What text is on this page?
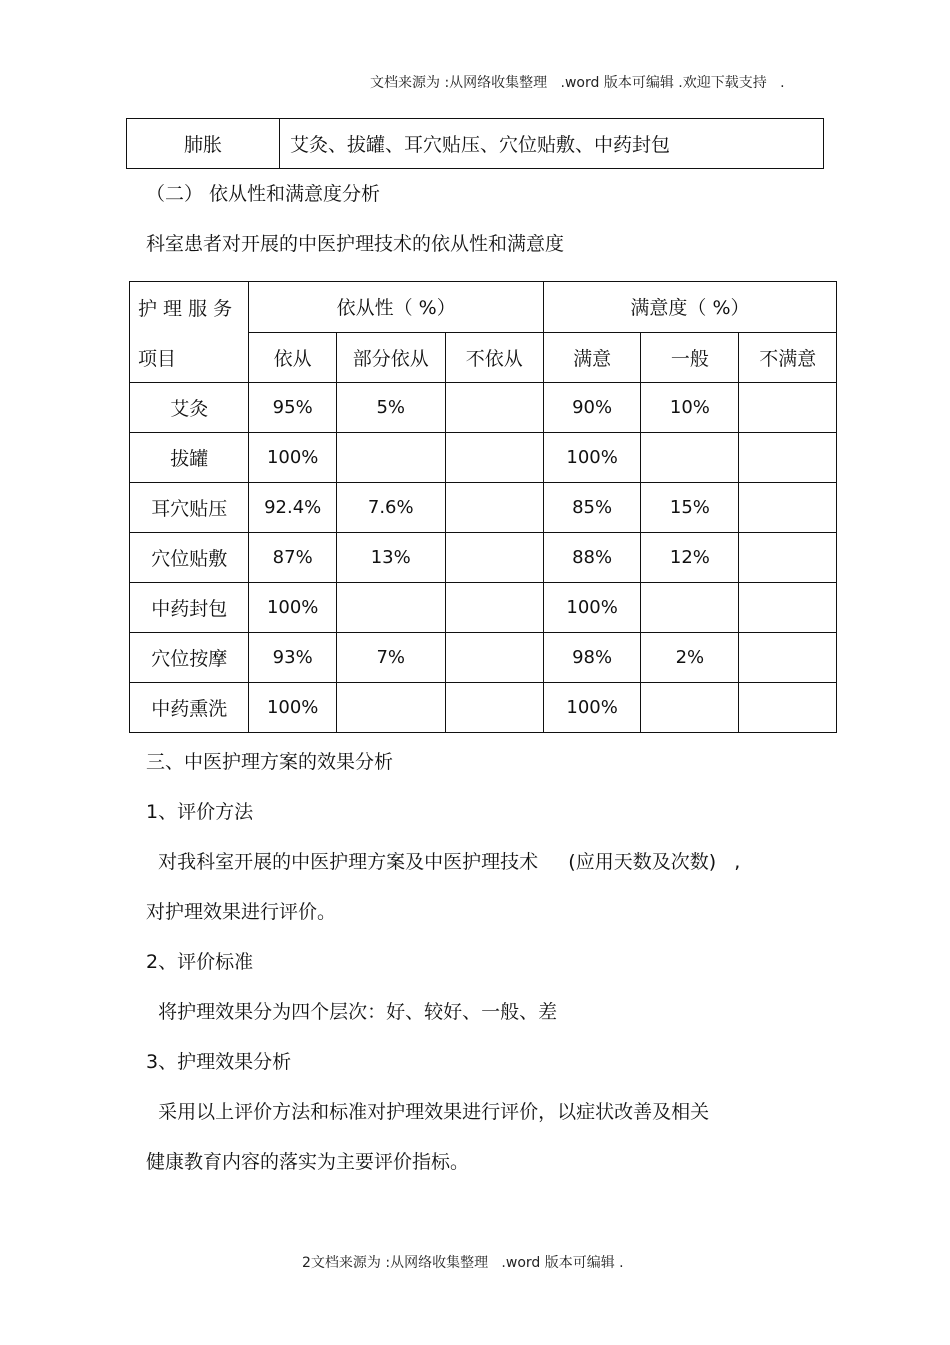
文档来源为 :从网络收集整理   .word 版本可编辑 .欢迎下载支持   .
肺胀	艾灸、拔罐、耳穴贴压、穴位贴敷、中药封包
（二） 依从性和满意度分析
科室患者对开展的中医护理技术的依从性和满意度
护 理 服 务
项目	依从性（ %）			满意度（ %）		
	依从	部分依从	不依从	满意	一般	不满意
艾灸	95%	5%		90%	10%	
拔罐	100%			100%		
耳穴贴压	92.4%	7.6%		85%	15%	
穴位贴敷	87%	13%		88%	12%	
中药封包	100%			100%		
穴位按摩	93%	7%		98%	2%	
中药熏洗	100%			100%		
三、中医护理方案的效果分析
1、评价方法
对我科室开展的中医护理方案及中医护理技术     (应用天数及次数)   ,
对护理效果进行评价。
2、评价标准
将护理效果分为四个层次：好、较好、一般、差
3、护理效果分析
采用以上评价方法和标准对护理效果进行评价，以症状改善及相关
健康教育内容的落实为主要评价指标。
2文档来源为 :从网络收集整理   .word 版本可编辑 .
